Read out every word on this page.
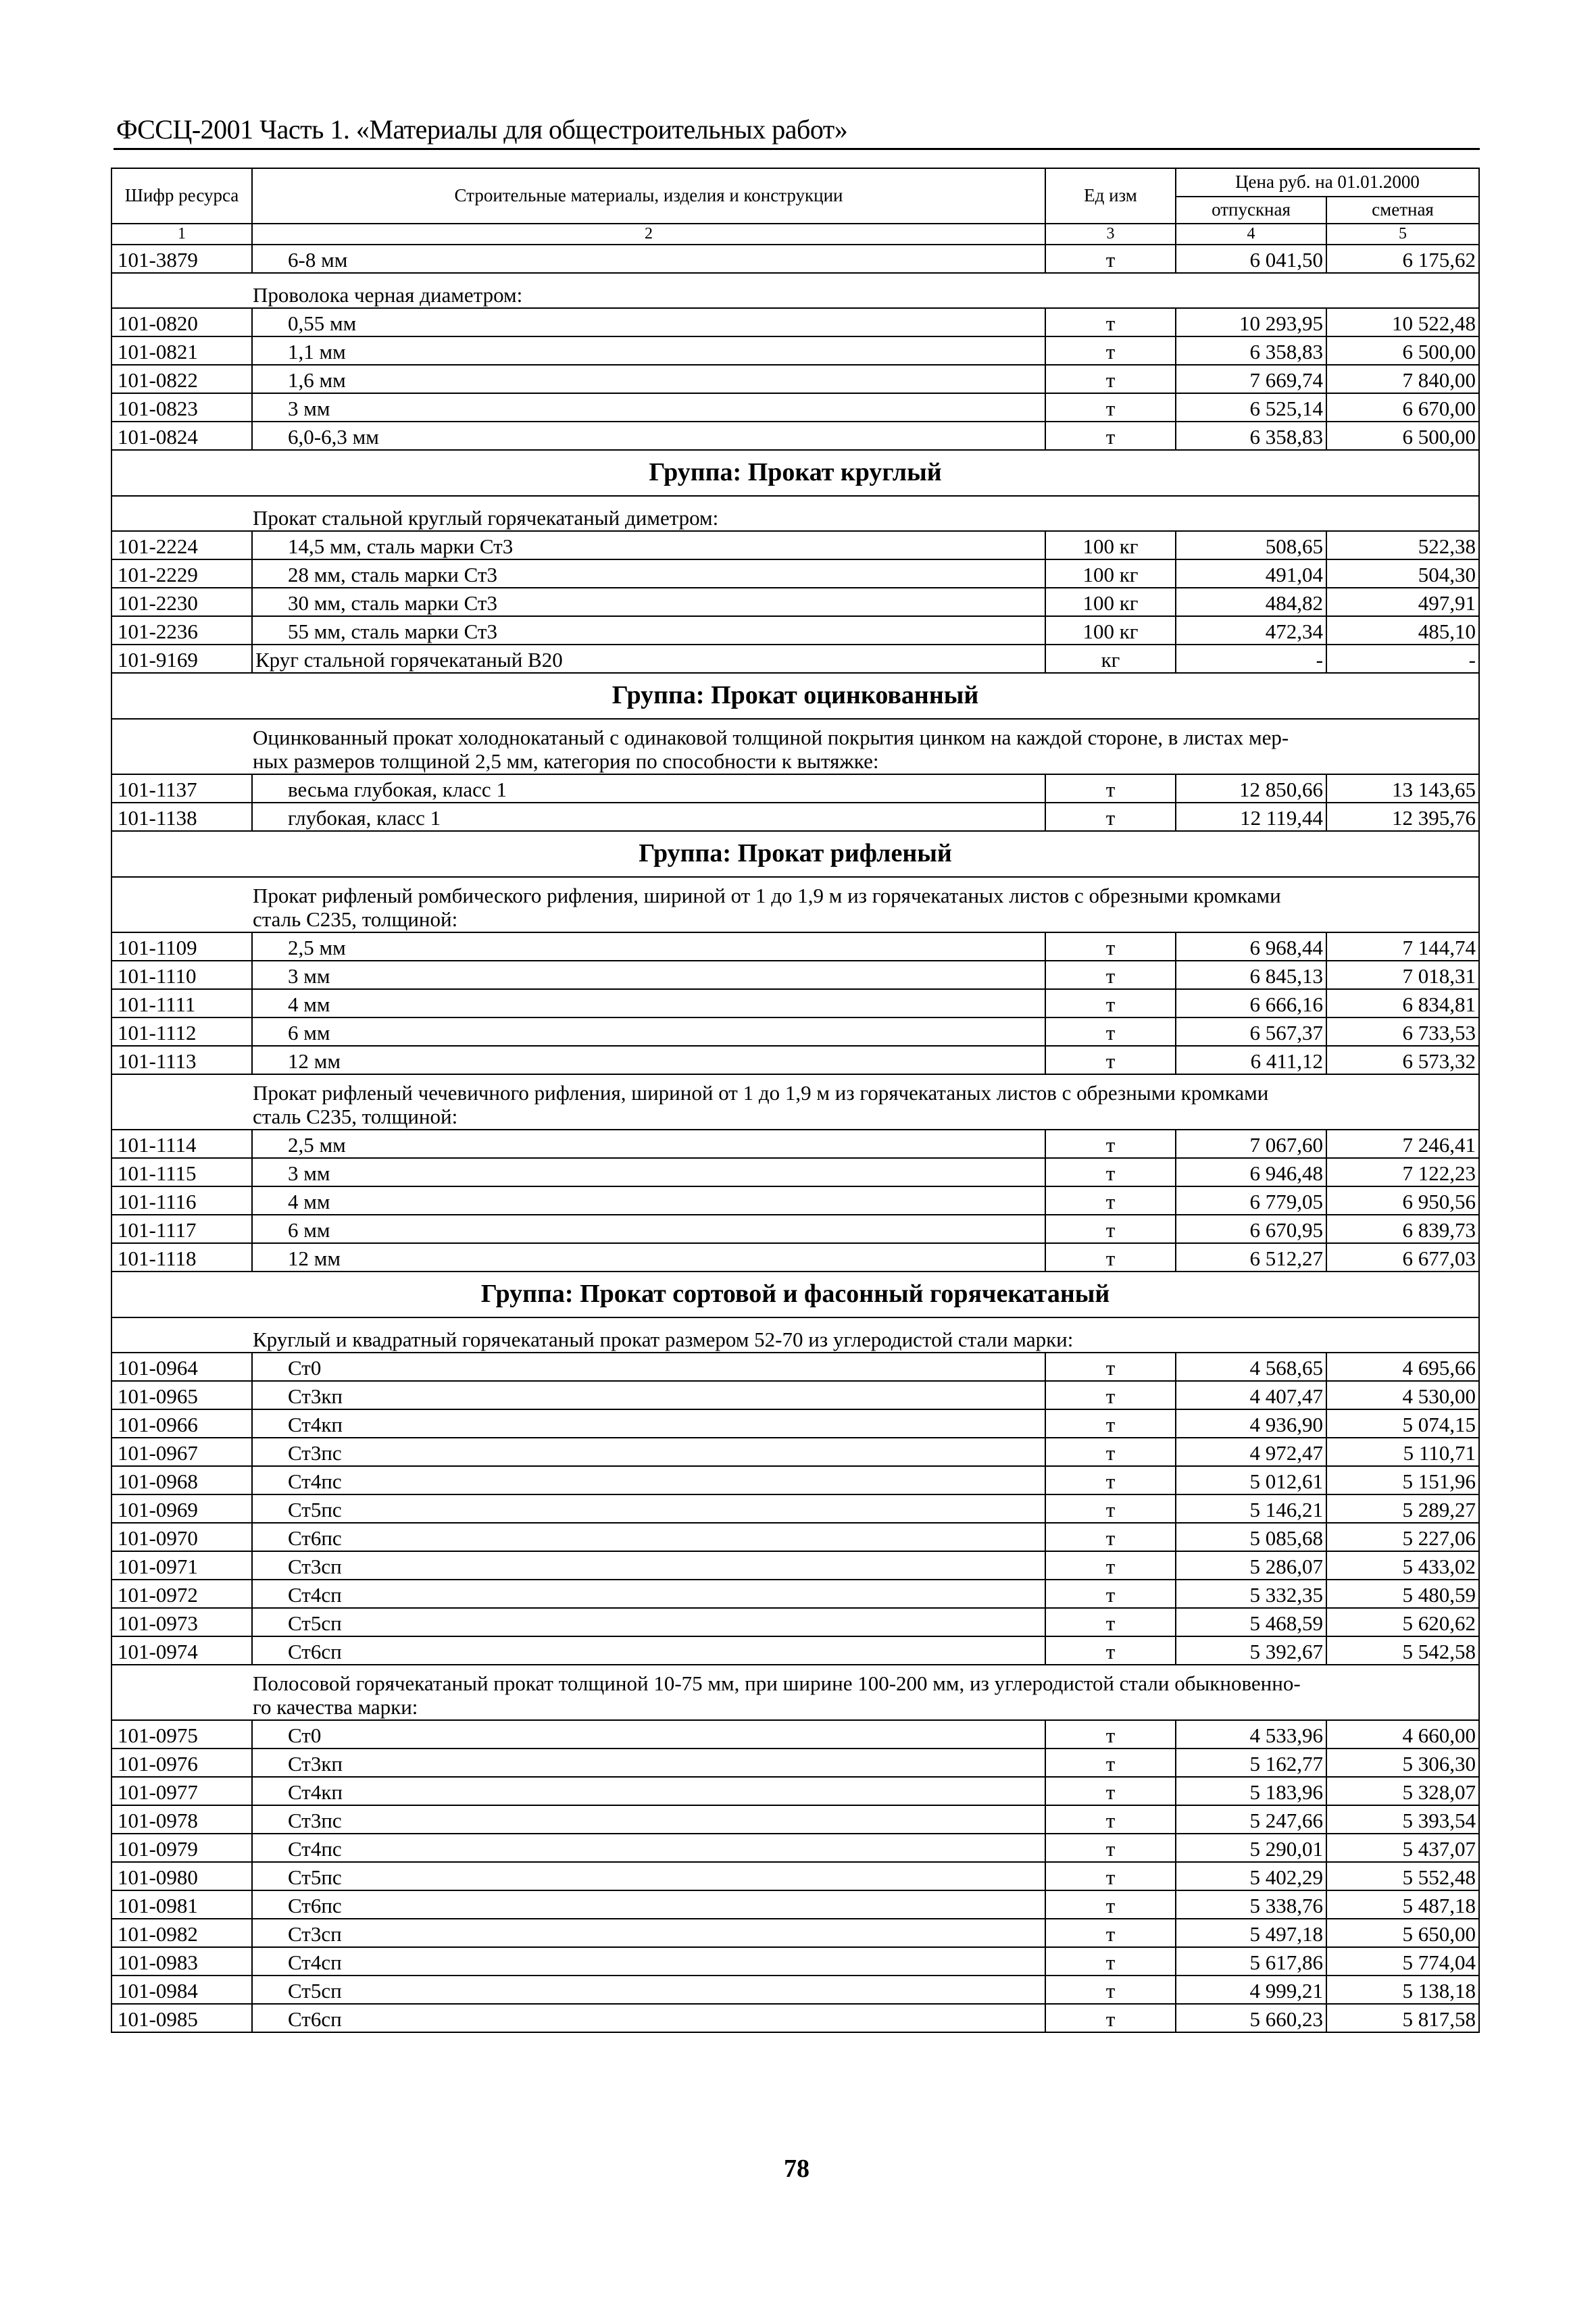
ФССЦ-2001 Часть 1. «Материалы для общестроительных работ»
Шифр ресурса	Строительные материалы, изделия и конструкции	Ед изм	Цена руб. на 01.01.2000	
			отпускная	сметная
1	2	3	4	5
101-3879	6-8 мм	т	6 041,50	6 175,62

Проволока черная диаметром:				

101-0820	0,55 мм	т	10 293,95	10 522,48
101-0821	1,1 мм	т	6 358,83	6 500,00
101-0822	1,6 мм	т	7 669,74	7 840,00
101-0823	3 мм	т	6 525,14	6 670,00
101-0824	6,0-6,3 мм	т	6 358,83	6 500,00
Группа: Прокат круглый				

Прокат стальной круглый горячекатаный диметром:				

101-2224	14,5 мм, сталь марки Ст3	100 кг	508,65	522,38
101-2229	28 мм, сталь марки Ст3	100 кг	491,04	504,30
101-2230	30 мм, сталь марки Ст3	100 кг	484,82	497,91
101-2236	55 мм, сталь марки Ст3	100 кг	472,34	485,10
101-9169	Круг стальной горячекатаный В20	кг	-	-
Группа: Прокат оцинкованный				

Оцинкованный прокат холоднокатаный с одинаковой толщиной покрытия цинком на каждой стороне, в листах мер-
ных размеров толщиной 2,5 мм, категория по способности к вытяжке:				

101-1137	весьма глубокая, класс 1	т	12 850,66	13 143,65
101-1138	глубокая, класс 1	т	12 119,44	12 395,76
Группа: Прокат рифленый				

Прокат рифленый ромбического рифления, шириной от 1 до 1,9 м из горячекатаных листов с обрезными кромками
сталь С235, толщиной:				

101-1109	2,5 мм	т	6 968,44	7 144,74
101-1110	3 мм	т	6 845,13	7 018,31
101-1111	4 мм	т	6 666,16	6 834,81
101-1112	6 мм	т	6 567,37	6 733,53
101-1113	12 мм	т	6 411,12	6 573,32

Прокат рифленый чечевичного рифления, шириной от 1 до 1,9 м из горячекатаных листов с обрезными кромками
сталь С235, толщиной:				

101-1114	2,5 мм	т	7 067,60	7 246,41
101-1115	3 мм	т	6 946,48	7 122,23
101-1116	4 мм	т	6 779,05	6 950,56
101-1117	6 мм	т	6 670,95	6 839,73
101-1118	12 мм	т	6 512,27	6 677,03
Группа: Прокат сортовой и фасонный горячекатаный				

Круглый и квадратный горячекатаный прокат размером 52-70 из углеродистой стали марки:				

101-0964	Ст0	т	4 568,65	4 695,66
101-0965	Ст3кп	т	4 407,47	4 530,00
101-0966	Ст4кп	т	4 936,90	5 074,15
101-0967	Ст3пс	т	4 972,47	5 110,71
101-0968	Ст4пс	т	5 012,61	5 151,96
101-0969	Ст5пс	т	5 146,21	5 289,27
101-0970	Ст6пс	т	5 085,68	5 227,06
101-0971	Ст3сп	т	5 286,07	5 433,02
101-0972	Ст4сп	т	5 332,35	5 480,59
101-0973	Ст5сп	т	5 468,59	5 620,62
101-0974	Ст6сп	т	5 392,67	5 542,58

Полосовой горячекатаный прокат толщиной 10-75 мм, при ширине 100-200 мм, из углеродистой стали обыкновенно-
го качества марки:				

101-0975	Ст0	т	4 533,96	4 660,00
101-0976	Ст3кп	т	5 162,77	5 306,30
101-0977	Ст4кп	т	5 183,96	5 328,07
101-0978	Ст3пс	т	5 247,66	5 393,54
101-0979	Ст4пс	т	5 290,01	5 437,07
101-0980	Ст5пс	т	5 402,29	5 552,48
101-0981	Ст6пс	т	5 338,76	5 487,18
101-0982	Ст3сп	т	5 497,18	5 650,00
101-0983	Ст4сп	т	5 617,86	5 774,04
101-0984	Ст5сп	т	4 999,21	5 138,18
101-0985	Ст6сп	т	5 660,23	5 817,58
78
